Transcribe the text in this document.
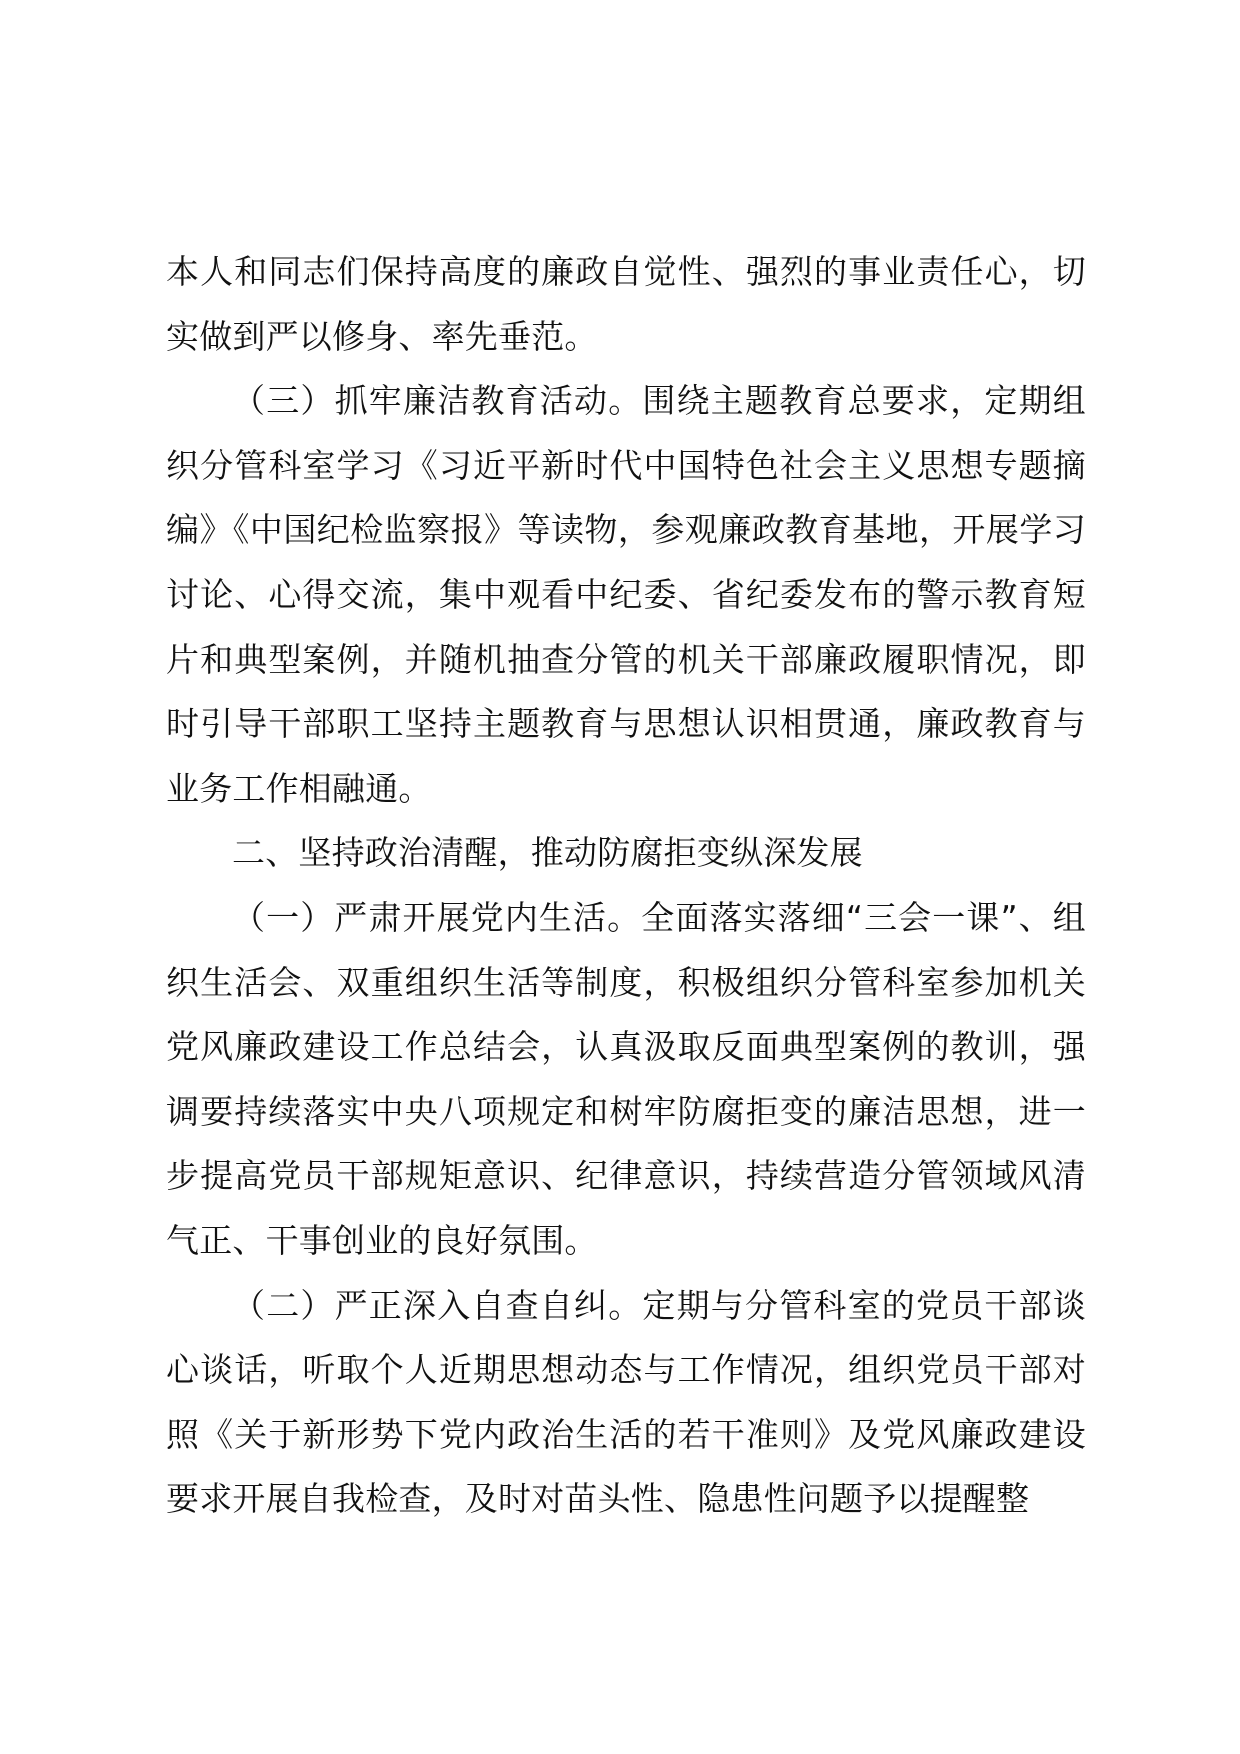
本人和同志们保持高度的廉政自觉性、强烈的事业责任心，切实做到严以修身、率先垂范。

（三）抓牢廉洁教育活动。围绕主题教育总要求，定期组织分管科室学习《习近平新时代中国特色社会主义思想专题摘编》《中国纪检监察报》等读物，参观廉政教育基地，开展学习讨论、心得交流，集中观看中纪委、省纪委发布的警示教育短片和典型案例，并随机抽查分管的机关干部廉政履职情况，即时引导干部职工坚持主题教育与思想认识相贯通，廉政教育与业务工作相融通。

二、坚持政治清醒，推动防腐拒变纵深发展

（一）严肃开展党内生活。全面落实落细“三会一课”、组织生活会、双重组织生活等制度，积极组织分管科室参加机关党风廉政建设工作总结会，认真汲取反面典型案例的教训，强调要持续落实中央八项规定和树牢防腐拒变的廉洁思想，进一步提高党员干部规矩意识、纪律意识，持续营造分管领域风清气正、干事创业的良好氛围。

（二）严正深入自查自纠。定期与分管科室的党员干部谈心谈话，听取个人近期思想动态与工作情况，组织党员干部对照《关于新形势下党内政治生活的若干准则》及党风廉政建设要求开展自我检查，及时对苗头性、隐患性问题予以提醒整
